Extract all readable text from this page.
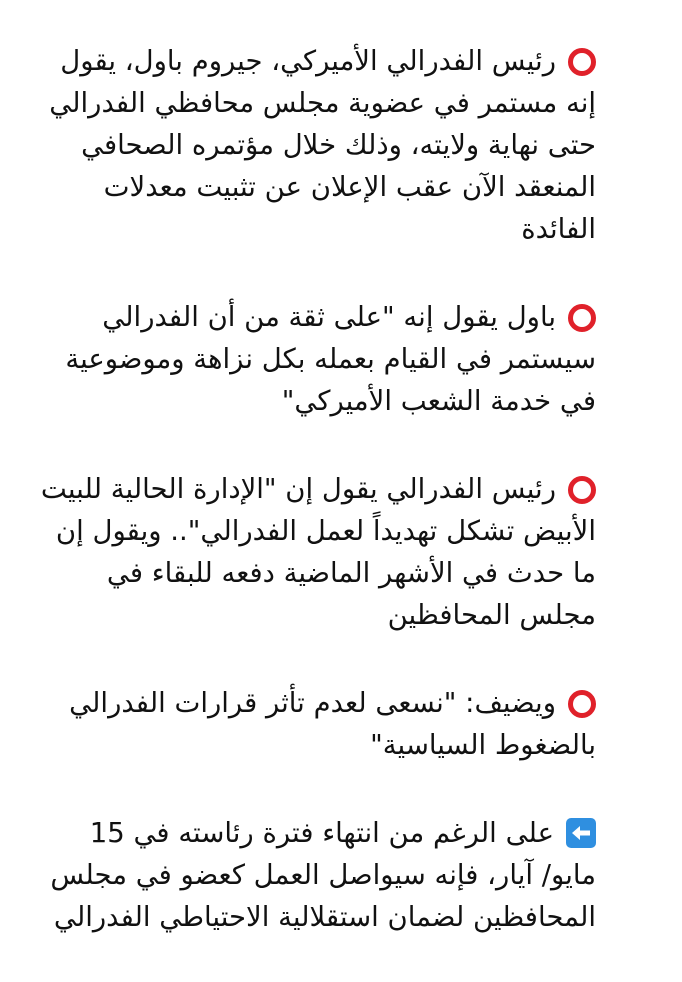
رئيس الفدرالي الأميركي، جيروم باول، يقول إنه مستمر في عضوية مجلس محافظي الفدرالي حتى نهاية ولايته، وذلك خلال مؤتمره الصحافي المنعقد الآن عقب الإعلان عن تثبيت معدلات الفائدة

باول يقول إنه "على ثقة من أن الفدرالي سيستمر في القيام بعمله بكل نزاهة وموضوعية في خدمة الشعب الأميركي"

رئيس الفدرالي يقول إن "الإدارة الحالية للبيت الأبيض تشكل تهديداً لعمل الفدرالي".. ويقول إن ما حدث في الأشهر الماضية دفعه للبقاء في مجلس المحافظين

ويضيف: "نسعى لعدم تأثر قرارات الفدرالي بالضغوط السياسية"

على الرغم من انتهاء فترة رئاسته في 15 مايو/ آيار، فإنه سيواصل العمل كعضو في مجلس المحافظين لضمان استقلالية الاحتياطي الفدرالي
